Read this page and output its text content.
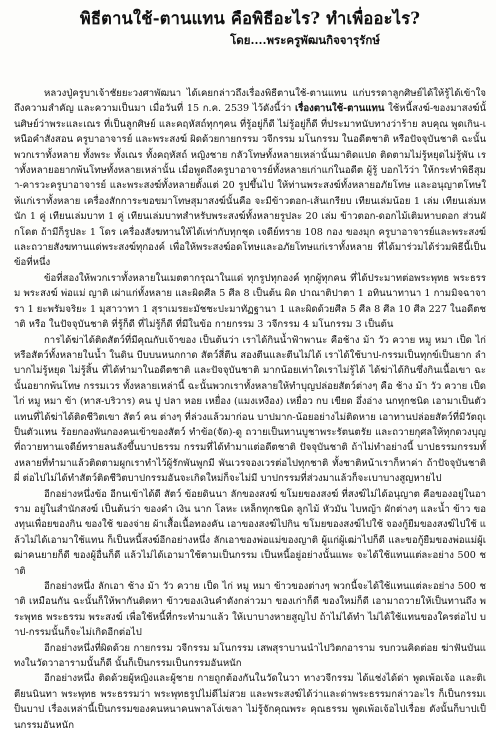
พิธีตานใช้-ตานแทน คือพิธีอะไร? ทำเพื่ออะไร?
โดย....พระครูพัฒนกิจจารุรักษ์

หลวงปู่ครูบาเจ้าชัยยะวงศาพัฒนา ได้เคยกล่าวถึงเรื่องพิธีตานใช้-ตานแทน แก่บรรดาลูกศิษย์ได้ให้รู้ได้เข้าใจถึงความสำคัญ และความเป็นมา เมื่อวันที่ 15 ก.ค. 2539 ไว้ดังนี้ว่า เรื่องตานใช้-ตานแทน ใช้หนี้สงฆ์-ของมาสงฆ์นั้นศิษย์ว่าพระและเณร ที่เป็นลูกศิษย์ และคฤหัสถ์ทุกๆคน ที่รู้อยู่ก็ดี ไม่รู้อยู่ก็ดี ที่ประมาทนับทางว่าร้าย ลบคุณ พูดเกิน-เหนือคำสังสอน ครูบาอาจารย์ และพระสงฆ์ ผิดด้วยกายกรรม วจีกรรม มโนกรรม ในอดีตชาติ หรือปัจจุบันชาติ ฉะนั้นพวกเราทั้งหลาย ทั้งพระ ทั้งเณร ทั้งคฤหัสถ์ หญิงชาย กลัวโทษทั้งหลายเหล่านั้นมาติดแปด ติดตามไม่รู้หยุดไม่รู้พัน เราทั้งหลายอยากพ้นโทษทั้งหลายเหล่านั้น เมื่อพูดถึงครูบาอาจารย์ทั้งหลายเก่าแก่ในอดีต ผู้รู้ บอกไว้ว่า ให้กระทำพิธีสุมา-คารวะครูบาอาจารย์ และพระสงฆ์ทั้งหลายตั้งแต่ 20 รูปขึ้นไป ให้ท่านพระสงฆ์ทั้งหลายอภัยโทษ และอนุญาตโทษให้แก่เราทั้งหลาย เครื่องสักการะขอขมาโทษสุมาสงฆ์นั้นคือ จะมีข้าวตอก-เส้นเกรียบ เทียนเล่มน้อย 1 เล่ม เทียนเล่มหนัก 1 คู่ เทียนเล่มบาท 1 คู่ เทียนเล่มบาทสำหรับพระสงฆ์ทั้งหลายรูปละ 20 เล่ม ข้าวตอก-ดอกไม้เติมหาบดอก ส่วนผักโดต ถ้ามีก็รูปละ 1 โดร เครื่องสังฆทานให้ได้เท่ากับทุกชุด เจดีย์ทราย 108 กอง ของมุก ครูบาอาจารย์และพระสงฆ์ และถวายสังฆทานแด่พระสงฆ์ทุกองค์ เพื่อให้พระสงฆ์อดโทษและอภัยโทษแก่เราทั้งหลาย ที่ได้มาร่วมได้ร่วมพิธีนี้เป็นข้อที่หนึ่ง

ข้อที่สองให้พวกเราทั้งหลายในเมตตากรุณาในแด่ ทุกรูปทุกองค์ ทุกผู้ทุกคน ที่ได้ประมาทต่อพระพุทธ พระธรรม พระสงฆ์ พ่อแม่ ญาติ เผ่าแก่ทั้งหลาย และผิดศีล 5 ศีล 8 เป็นต้น ผิด ปาณาติปาตา 1 อทินนาทานา 1 กามมิจฉาจารา 1 ยะพรัมจริยะ 1 มุสาวาทา 1 สุราเมรยะมัชชะปะมาทัฏฐานา 1 และผิดด้วยศีล 5 ศีล 8 ศีล 10 ศีล 227 ในอดีตชาติ หรือ ในปัจจุบันชาติ ที่รู้ก็ดี ที่ไม่รู้ก็ดี ที่มีในข้อ กายกรรม 3 วจีกรรม 4 มโนกรรม 3 เป็นต้น

การได้ฆ่าได้ติดสัตว์ที่มีคุณกับเจ้าของ เป็นต้นว่า เราได้กินน้ำฟ้าพานะ คือช้าง ม้า วัว ควาย หมู หมา เป็ด ไก่ หรือสัตว์ทั้งหลายในน้ำ ในดิน บีบบนหนกกาด สัตว์สี่ตีน สองตีนและตีนไม่ได้ เราได้ใช้บาป-กรรมเป็นทุกข์เป็นยาก ลำบากไม่รู้หยุด ไม่รู้สิ้น ที่ได้ทำมาในอดีตชาติ และปัจจุบันชาติ มากน้อยเท่าใดเราไม่รู้ได้ ได้ฆ่าได้กินซึ่งกินเนื้อเขา ฉะนั้นอยากพ้นโทษ กรรมเวร ทั้งหลายเหล่านี้ ฉะนั้นพวกเราทั้งหลายให้ทำบุญปล่อยสัตว์ต่างๆ คือ ช้าง ม้า วัว ควาย เป็ด ไก่ หมู หมา ข้า (ทาส-บริวาร) คน ปู ปลา หอย เหยื่อง (แมงเหงือง) เหยื่อว กบ เขียด อึ่งอ่าง นกทุกชนิด เอามาเป็นตัวแทนที่ได้ฆ่าได้ติดชีวิตเขา สัตว์ คน ต่างๆ ที่ล่วงแล้วมาก่อน บาปมาก-น้อยอย่างไม่ติดหาย เอาทานปล่อยสัตว์ที่มีวัตถุเป็นตัวแทน ร้อยกองพันกองคนเข้าของสัตว์ ทำข้อ(จัด)-ดู ถวายเป็นทานบูชาพระรัตนตรัย และถวายกุศลให้ทุกดวงบุญที่ถวายทานเจดีย์ทรายลนลังขึ้นบาปธรรม กรรมที่ได้ทำมาแต่อดีตชาติ ปัจจุบันชาติ ถ้าไม่ทำอย่างนี้ บาปธรรมกรรมทั้งหลายที่ทำมาแล้วติดตามผูกเราทำไว้ผู้รักพันพูกมี พันเวรจองเวรต่อไปทุกชาติ ทั้งชาติหน้าเราก็หาค่า ถ้าปัจจุบันชาติผี่ ต่อไปไม่ได้ทำสัตว์ติดชีวิตบาปกรรมอันจะเกิดใหม่ก็จะไม่มี บาปกรรมที่ส่วงมาแล้วก็จะเบาบางสูญหายไป

อีกอย่างหนึ่งข้อ อีกนเข้าได้ดี สัตว์ ข้อยดินนา ลักของสงฆ์ ขโมยของสงฆ์ ที่สงฆ์ไม่ได้อนุญาต คือของอยู่ในอาราม อยู่ในสำนักสงฆ์ เป็นต้นว่า ของคำ เงิน นาก โลหะ เหล็กทุกชนิด ลูกไม้ หัวมัน ไบหญ้า ผักต่างๆ และน้ำ ข้าว ของทุนเพื่อยของกิน ของใช้ ของจ่าย ผ้าเสื้อเนื้อทองคัน เอาของสงฆ์ไปกิน ขโมยของสงฆ์ไปใช้ จองกู้ยืมของสงฆ์ไปใช้ แล้วไม่ได้เอามาใช้แทน ก็เป็นหนี้สงฆ์อีกอย่างหนึ่ง ลักเอาของพ่อแม่ของญาติ ผู้แก่ผู้เฒ่าไปก็ดี และขอกู้ยืมของพ่อแม่ผู้เฒ่าคนยายก็ดี ของผู้อื่นก็ดี แล้วไม่ได้เอามาใช้ตามเป็นกรรม เป็นหนี้อยู่อย่างนั้นแพะ จะได้ใช้แทนแต่ละอย่าง 500 ชาติ

อีกอย่างหนึ่ง ลักเอา ช้าง ม้า วัว ควาย เป็ด ไก่ หมู หมา ข้าวของต่างๆ พวกนี้จะได้ใช้แทนแต่ละอย่าง 500 ชาติ เหมือนกัน ฉะนั้นก็ให้พากันติดหา ข้าวของเงินคำดังกล่าวมา ของเก่าก็ดี ของใหม่ก็ดี เอามาถวายให้เป็นทานถึง พระพุทธ พระธรรม พระสงฆ์ เพื่อใช้หนี้ที่กระทำมาแล้ว ให้เบาบางหายสูญไป ถ้าไม่ได้ทำ ไม่ได้ใช้แทนของใครต่อไป บาป-กรรมนั้นก็จะไม่เกิดอีกต่อไป

อีกอย่างหนึ่งที่ผิดด้วย กายกรรม วจีกรรม มโนกรรม เสพสุราบานนำไปวิตกอาราม รบกวนคิดต่อย ฆ่าฟันบันแทงในวัดวาอารามนั้นก็ดี นั้นก็เป็นกรรมเป็นกรรมอันหนัก

อีกอย่างหนึ่ง ติดด้วยผู้หญิงและผู้ชาย กายถูกต้องกันในวัดในวา ทางวจีกรรม ได้แช่งได้ด่า พูดเพ้อเจ้อ และติเตียนนินทา พระพุทธ พระธรรมว่า พระพุทธรูปไม่ดีไม่สวย และพระสงฆ์ได้ว่าและด่าพระธรรมกล่าวอะไร ก็เป็นกรรมเป็นบาป เรื่องเหล่านี้เป็นกรรมของคนหนาคนพาลโง่เขลา ไม่รู้จักคุณพระ คุณธรรม พูดเพ้อเจ้อไปเรื่อย ดังนั้นก็บาปเป็นกรรมอันหนัก
